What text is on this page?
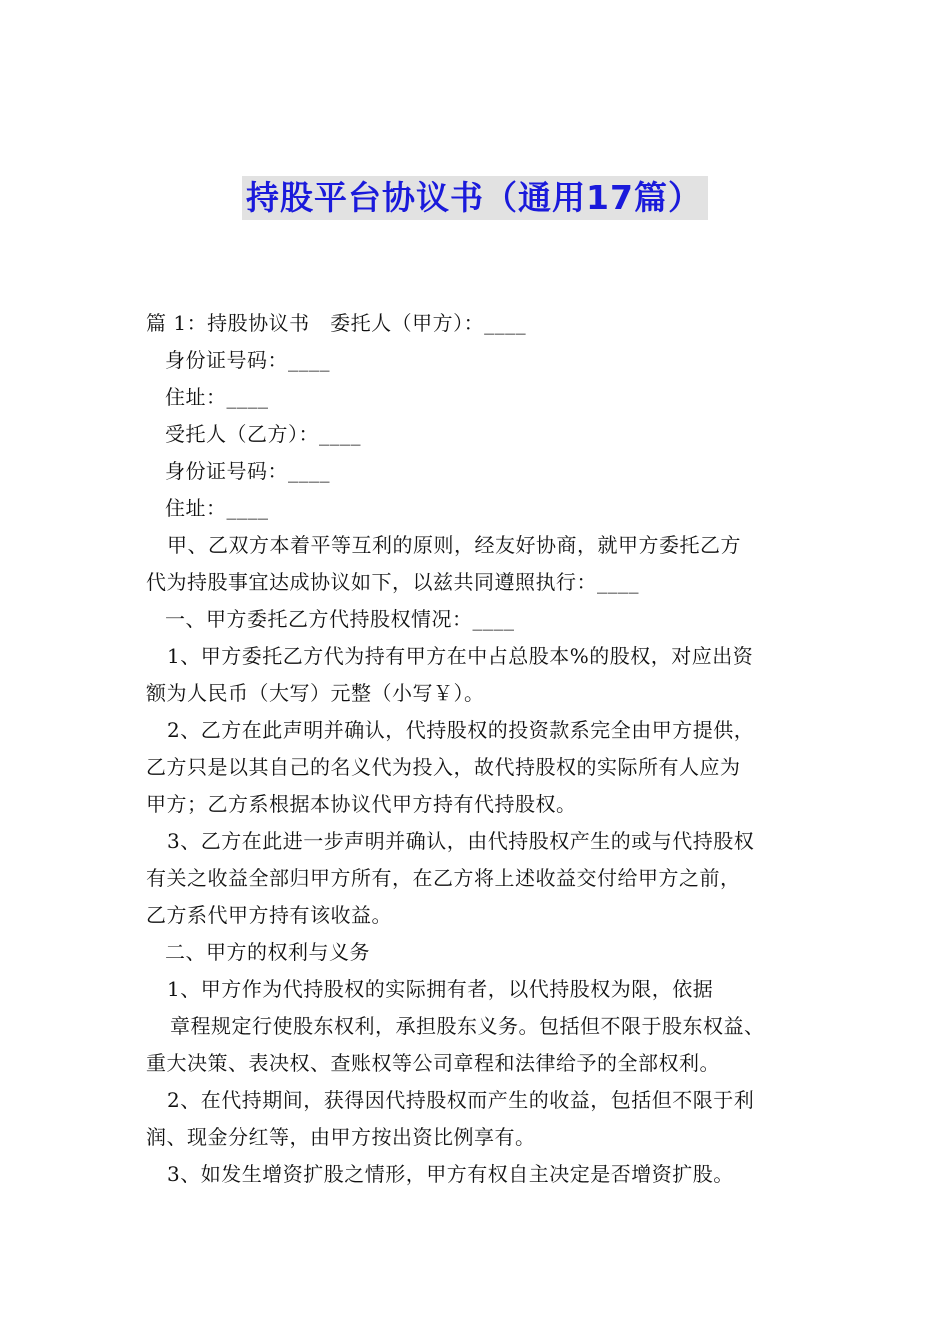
持股平台协议书（通用17篇）

篇 1：持股协议书　委托人（甲方）：____

身份证号码：____

住址：____

受托人（乙方）：____

身份证号码：____

住址：____

甲、乙双方本着平等互利的原则，经友好协商，就甲方委托乙方

代为持股事宜达成协议如下，以兹共同遵照执行：____

一、甲方委托乙方代持股权情况：____

1、甲方委托乙方代为持有甲方在中占总股本%的股权，对应出资

额为人民币（大写）元整（小写￥）。

2、乙方在此声明并确认，代持股权的投资款系完全由甲方提供，

乙方只是以其自己的名义代为投入，故代持股权的实际所有人应为

甲方；乙方系根据本协议代甲方持有代持股权。

3、乙方在此进一步声明并确认，由代持股权产生的或与代持股权

有关之收益全部归甲方所有，在乙方将上述收益交付给甲方之前，

乙方系代甲方持有该收益。

二、甲方的权利与义务

1、甲方作为代持股权的实际拥有者，以代持股权为限，依据

章程规定行使股东权利，承担股东义务。包括但不限于股东权益、

重大决策、表决权、查账权等公司章程和法律给予的全部权利。

2、在代持期间，获得因代持股权而产生的收益，包括但不限于利

润、现金分红等，由甲方按出资比例享有。

3、如发生增资扩股之情形，甲方有权自主决定是否增资扩股。
